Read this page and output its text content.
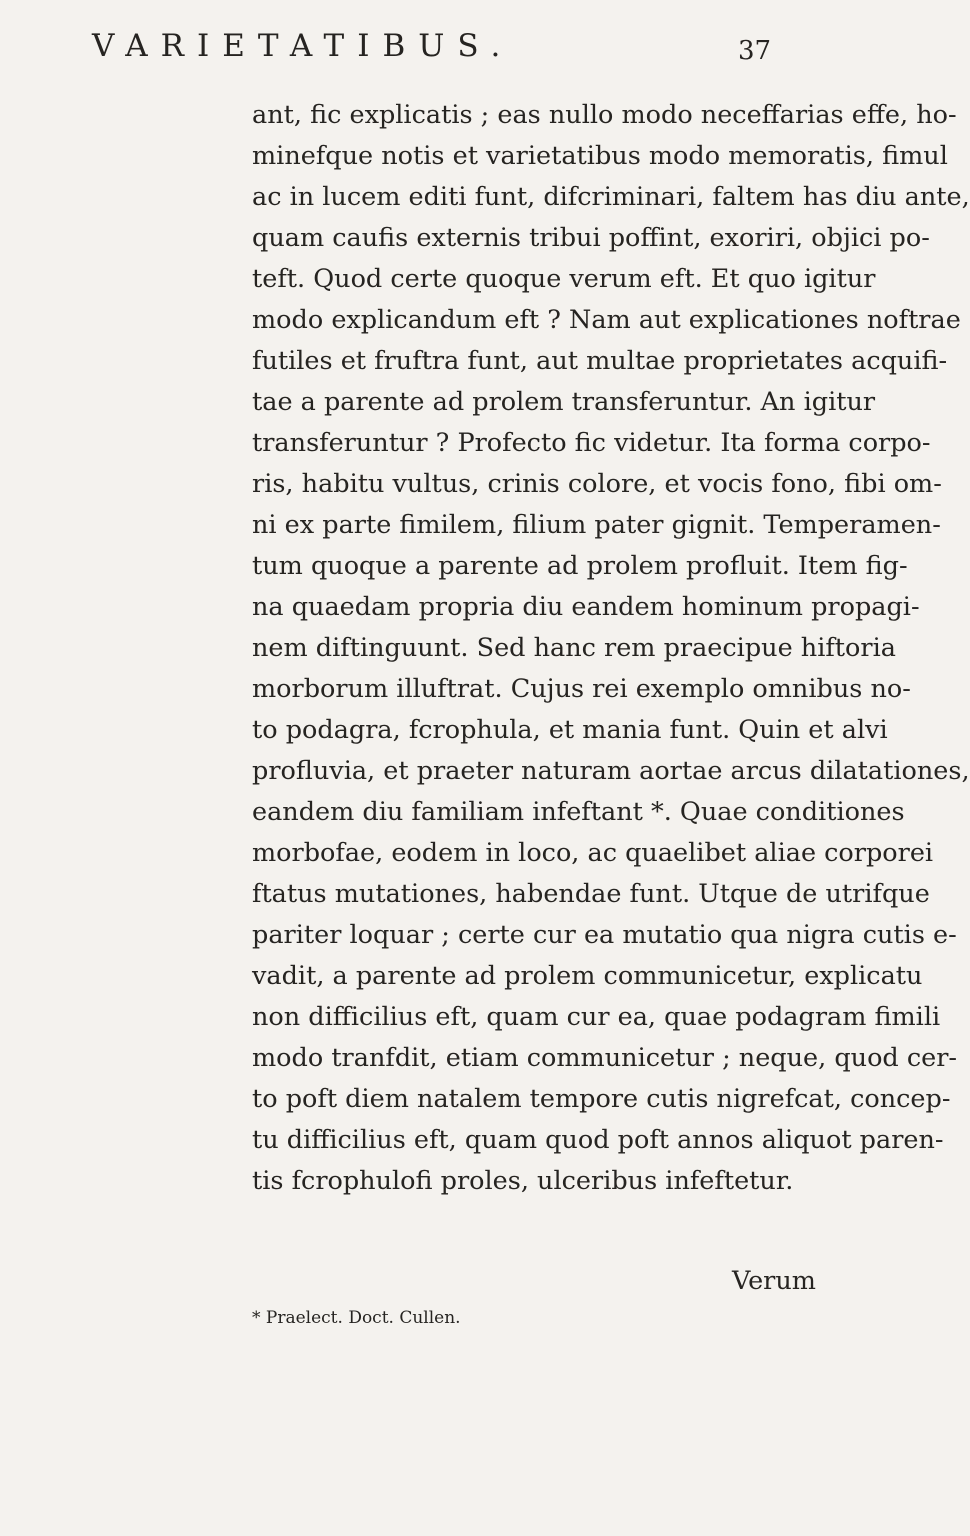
VARIETATIBUS.	37
ant, fic explicatis ; eas nullo modo neceffarias effe, ho-
minefque notis et varietatibus modo memoratis, fimul
ac in lucem editi funt, difcriminari, faltem has diu ante,
quam caufis externis tribui poffint, exoriri, objici po-
teft. Quod certe quoque verum eft. Et quo igitur
modo explicandum eft ? Nam aut explicationes noftrae
futiles et fruftra funt, aut multae proprietates acquifi-
tae a parente ad prolem transferuntur. An igitur
transferuntur ? Profecto fic videtur. Ita forma corpo-
ris, habitu vultus, crinis colore, et vocis fono, fibi om-
ni ex parte fimilem, filium pater gignit. Temperamen-
tum quoque a parente ad prolem profluit. Item fig-
na quaedam propria diu eandem hominum propagi-
nem diftinguunt. Sed hanc rem praecipue hiftoria
morborum illuftrat. Cujus rei exemplo omnibus no-
to podagra, fcrophula, et mania funt. Quin et alvi
profluvia, et praeter naturam aortae arcus dilatationes,
eandem diu familiam infeftant *. Quae conditiones
morbofae, eodem in loco, ac quaelibet aliae corporei
ftatus mutationes, habendae funt. Utque de utrifque
pariter loquar ; certe cur ea mutatio qua nigra cutis e-
vadit, a parente ad prolem communicetur, explicatu
non difficilius eft, quam cur ea, quae podagram fimili
modo tranfdit, etiam communicetur ; neque, quod cer-
to poft diem natalem tempore cutis nigrefcat, concep-
tu difficilius eft, quam quod poft annos aliquot paren-
tis fcrophulofi proles, ulceribus infeftetur.
Verum
* Praelect. Doct. Cullen.
